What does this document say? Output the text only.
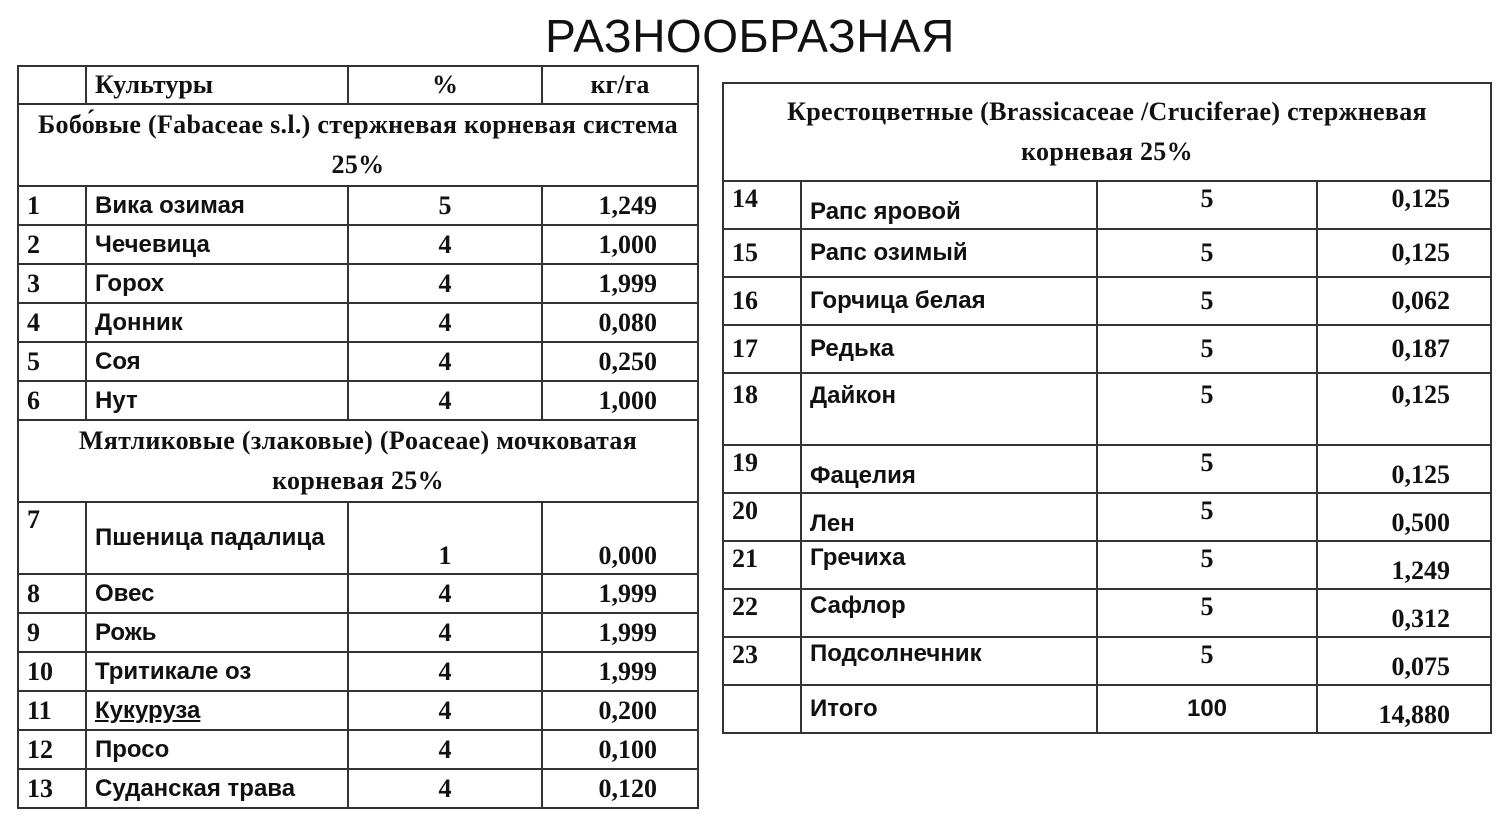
РАЗНООБРАЗНАЯ
	Культуры	%	кг/га
Бобо́вые (Fabaceae s.l.) стержневая корневая система 25%			
1	Вика озимая	5	1,249
2	Чечевица	4	1,000
3	Горох	4	1,999
4	Донник	4	0,080
5	Соя	4	0,250
6	Нут	4	1,000
Мятликовые (злаковые) (Poaceae) мочковатая корневая 25%			
7	Пшеница падалица	1	0,000
8	Овес	4	1,999
9	Рожь	4	1,999
10	Тритикале оз	4	1,999
11	Кукуруза	4	0,200
12	Просо	4	0,100
13	Суданская трава	4	0,120
Крестоцветные (Brassicaceae /Cruciferae) стержневая корневая 25%			
14	Рапс яровой	5	0,125
15	Рапс озимый	5	0,125
16	Горчица белая	5	0,062
17	Редька	5	0,187
18	Дайкон	5	0,125
19	Фацелия	5	0,125
20	Лен	5	0,500
21	Гречиха	5	1,249
22	Сафлор	5	0,312
23	Подсолнечник	5	0,075
	Итого	100	14,880
